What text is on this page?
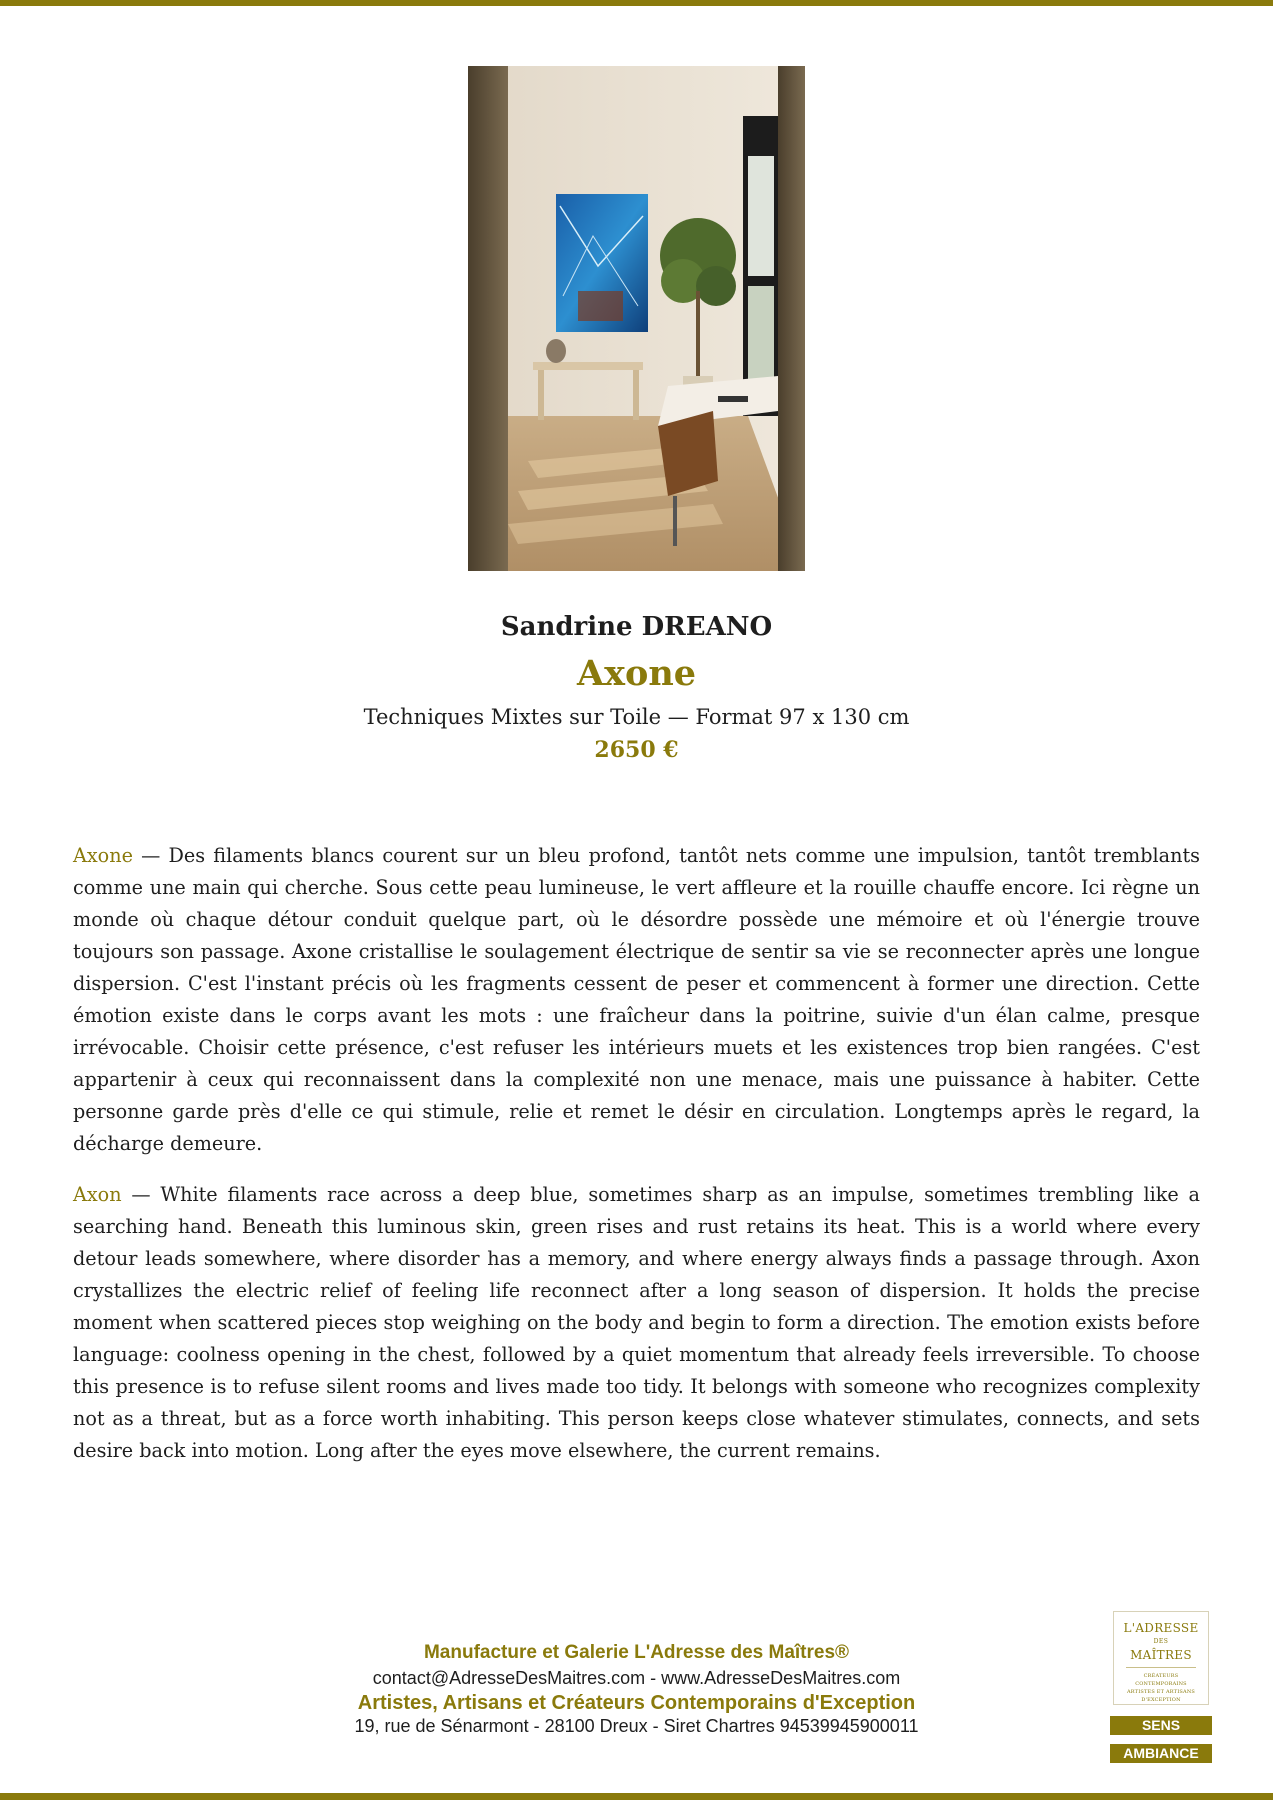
Sandrine DREANO
Axone
Techniques Mixtes sur Toile — Format 97 x 130 cm
2650 €

Axone — Des filaments blancs courent sur un bleu profond, tantôt nets comme une impulsion, tantôt tremblants comme une main qui cherche. Sous cette peau lumineuse, le vert affleure et la rouille chauffe encore. Ici règne un monde où chaque détour conduit quelque part, où le désordre possède une mémoire et où l'énergie trouve toujours son passage. Axone cristallise le soulagement électrique de sentir sa vie se reconnecter après une longue dispersion. C'est l'instant précis où les fragments cessent de peser et commencent à former une direction. Cette émotion existe dans le corps avant les mots : une fraîcheur dans la poitrine, suivie d'un élan calme, presque irrévocable. Choisir cette présence, c'est refuser les intérieurs muets et les existences trop bien rangées. C'est appartenir à ceux qui reconnaissent dans la complexité non une menace, mais une puissance à habiter. Cette personne garde près d'elle ce qui stimule, relie et remet le désir en circulation. Longtemps après le regard, la décharge demeure.

Axon — White filaments race across a deep blue, sometimes sharp as an impulse, sometimes trembling like a searching hand. Beneath this luminous skin, green rises and rust retains its heat. This is a world where every detour leads somewhere, where disorder has a memory, and where energy always finds a passage through. Axon crystallizes the electric relief of feeling life reconnect after a long season of dispersion. It holds the precise moment when scattered pieces stop weighing on the body and begin to form a direction. The emotion exists before language: coolness opening in the chest, followed by a quiet momentum that already feels irreversible. To choose this presence is to refuse silent rooms and lives made too tidy. It belongs with someone who recognizes complexity not as a threat, but as a force worth inhabiting. This person keeps close whatever stimulates, connects, and sets desire back into motion. Long after the eyes move elsewhere, the current remains.

Manufacture et Galerie L'Adresse des Maîtres®
contact@AdresseDesMaitres.com - www.AdresseDesMaitres.com
Artistes, Artisans et Créateurs Contemporains d'Exception
19, rue de Sénarmont - 28100 Dreux - Siret Chartres 94539945900011
L'ADRESSE
DES
MAÎTRES
CRÉATEURS CONTEMPORAINS ARTISTES ET ARTISANS D'EXCEPTION
SENS
AMBIANCE
